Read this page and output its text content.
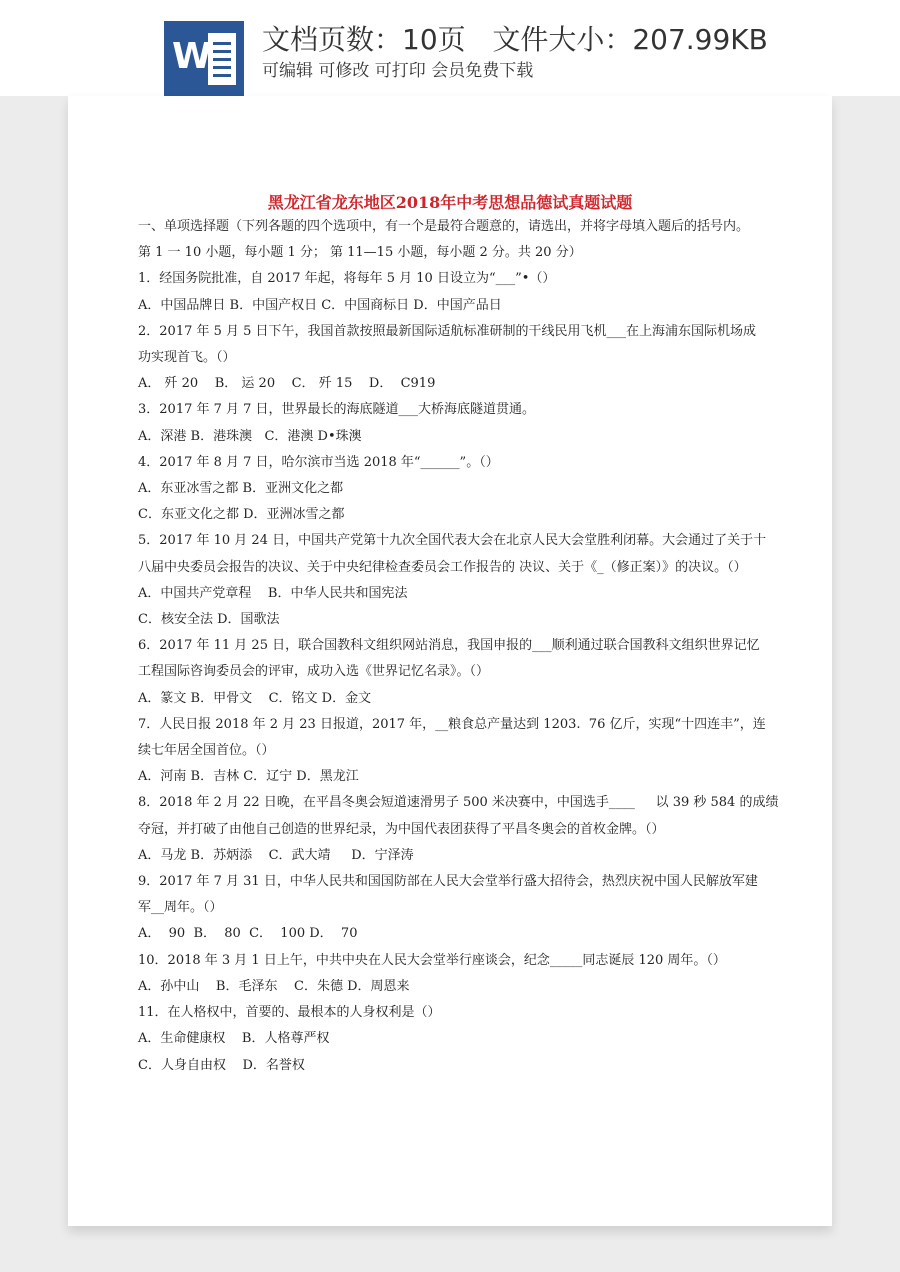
W 文档页数：10页   文件大小：207.99KB
可编辑 可修改 可打印 会员免费下载
黑龙江省龙东地区2018年中考思想品德试真题试题

一、单项选择题（下列各题的四个选项中，有一个是最符合题意的，请选出，并将字母填入题后的括号内。

第 1 一 10 小题，每小题 1 分； 第 11—15 小题，每小题 2 分。共 20 分）

1．经国务院批准，自 2017 年起，将每年 5 月 10 日设立为“___”•（）

A．中国品牌日 B．中国产权日 C．中国商标日 D．中国产品日

2．2017 年 5 月 5 日下午，我国首款按照最新国际适航标准研制的干线民用飞机___在上海浦东国际机场成

功实现首飞。（）

A． 歼 20    B． 运 20    C． 歼 15    D．  C919

3．2017 年 7 月 7 日，世界最长的海底隧道___大桥海底隧道贯通。

A．深港 B．港珠澳   C．港澳 D•珠澳

4．2017 年 8 月 7 日，哈尔滨市当选 2018 年“______”。（）

A．东亚冰雪之都 B．亚洲文化之都

C．东亚文化之都 D．亚洲冰雪之都

5．2017 年 10 月 24 日，中国共产党第十九次全国代表大会在北京人民大会堂胜利闭幕。大会通过了关于十

八届中央委员会报告的决议、关于中央纪律检查委员会工作报告的 决议、关于《_（修正案）》的决议。（）

A．中国共产党章程    B．中华人民共和国宪法

C．核安全法 D．国歌法

6．2017 年 11 月 25 日，联合国教科文组织网站消息，我国申报的___顺利通过联合国教科文组织世界记忆

工程国际咨询委员会的评审，成功入选《世界记忆名录》。（）

A．篆文 B．甲骨文    C．铭文 D．金文

7．人民日报 2018 年 2 月 23 日报道，2017 年，__粮食总产量达到 1203.  76 亿斤，实现“十四连丰”，连

续七年居全国首位。（）

A．河南 B．吉林 C．辽宁 D．黑龙江

8．2018 年 2 月 22 日晚，在平昌冬奥会短道速滑男子 500 米决赛中，中国选手____     以 39 秒 584 的成绩

夺冠，并打破了由他自己创造的世界纪录，为中国代表团获得了平昌冬奥会的首枚金牌。（）

A．马龙 B．苏炳添    C．武大靖     D．宁泽涛

9．2017 年 7 月 31 日，中华人民共和国国防部在人民大会堂举行盛大招待会，热烈庆祝中国人民解放军建

军__周年。（）

A．  90  B．  80  C．  100 D．  70

10．2018 年 3 月 1 日上午，中共中央在人民大会堂举行座谈会，纪念_____同志诞辰 120 周年。（）

A．孙中山    B．毛泽东    C．朱德 D．周恩来

11．在人格权中，首要的、最根本的人身权利是（）

A．生命健康权    B．人格尊严权

C．人身自由权    D．名誉权
